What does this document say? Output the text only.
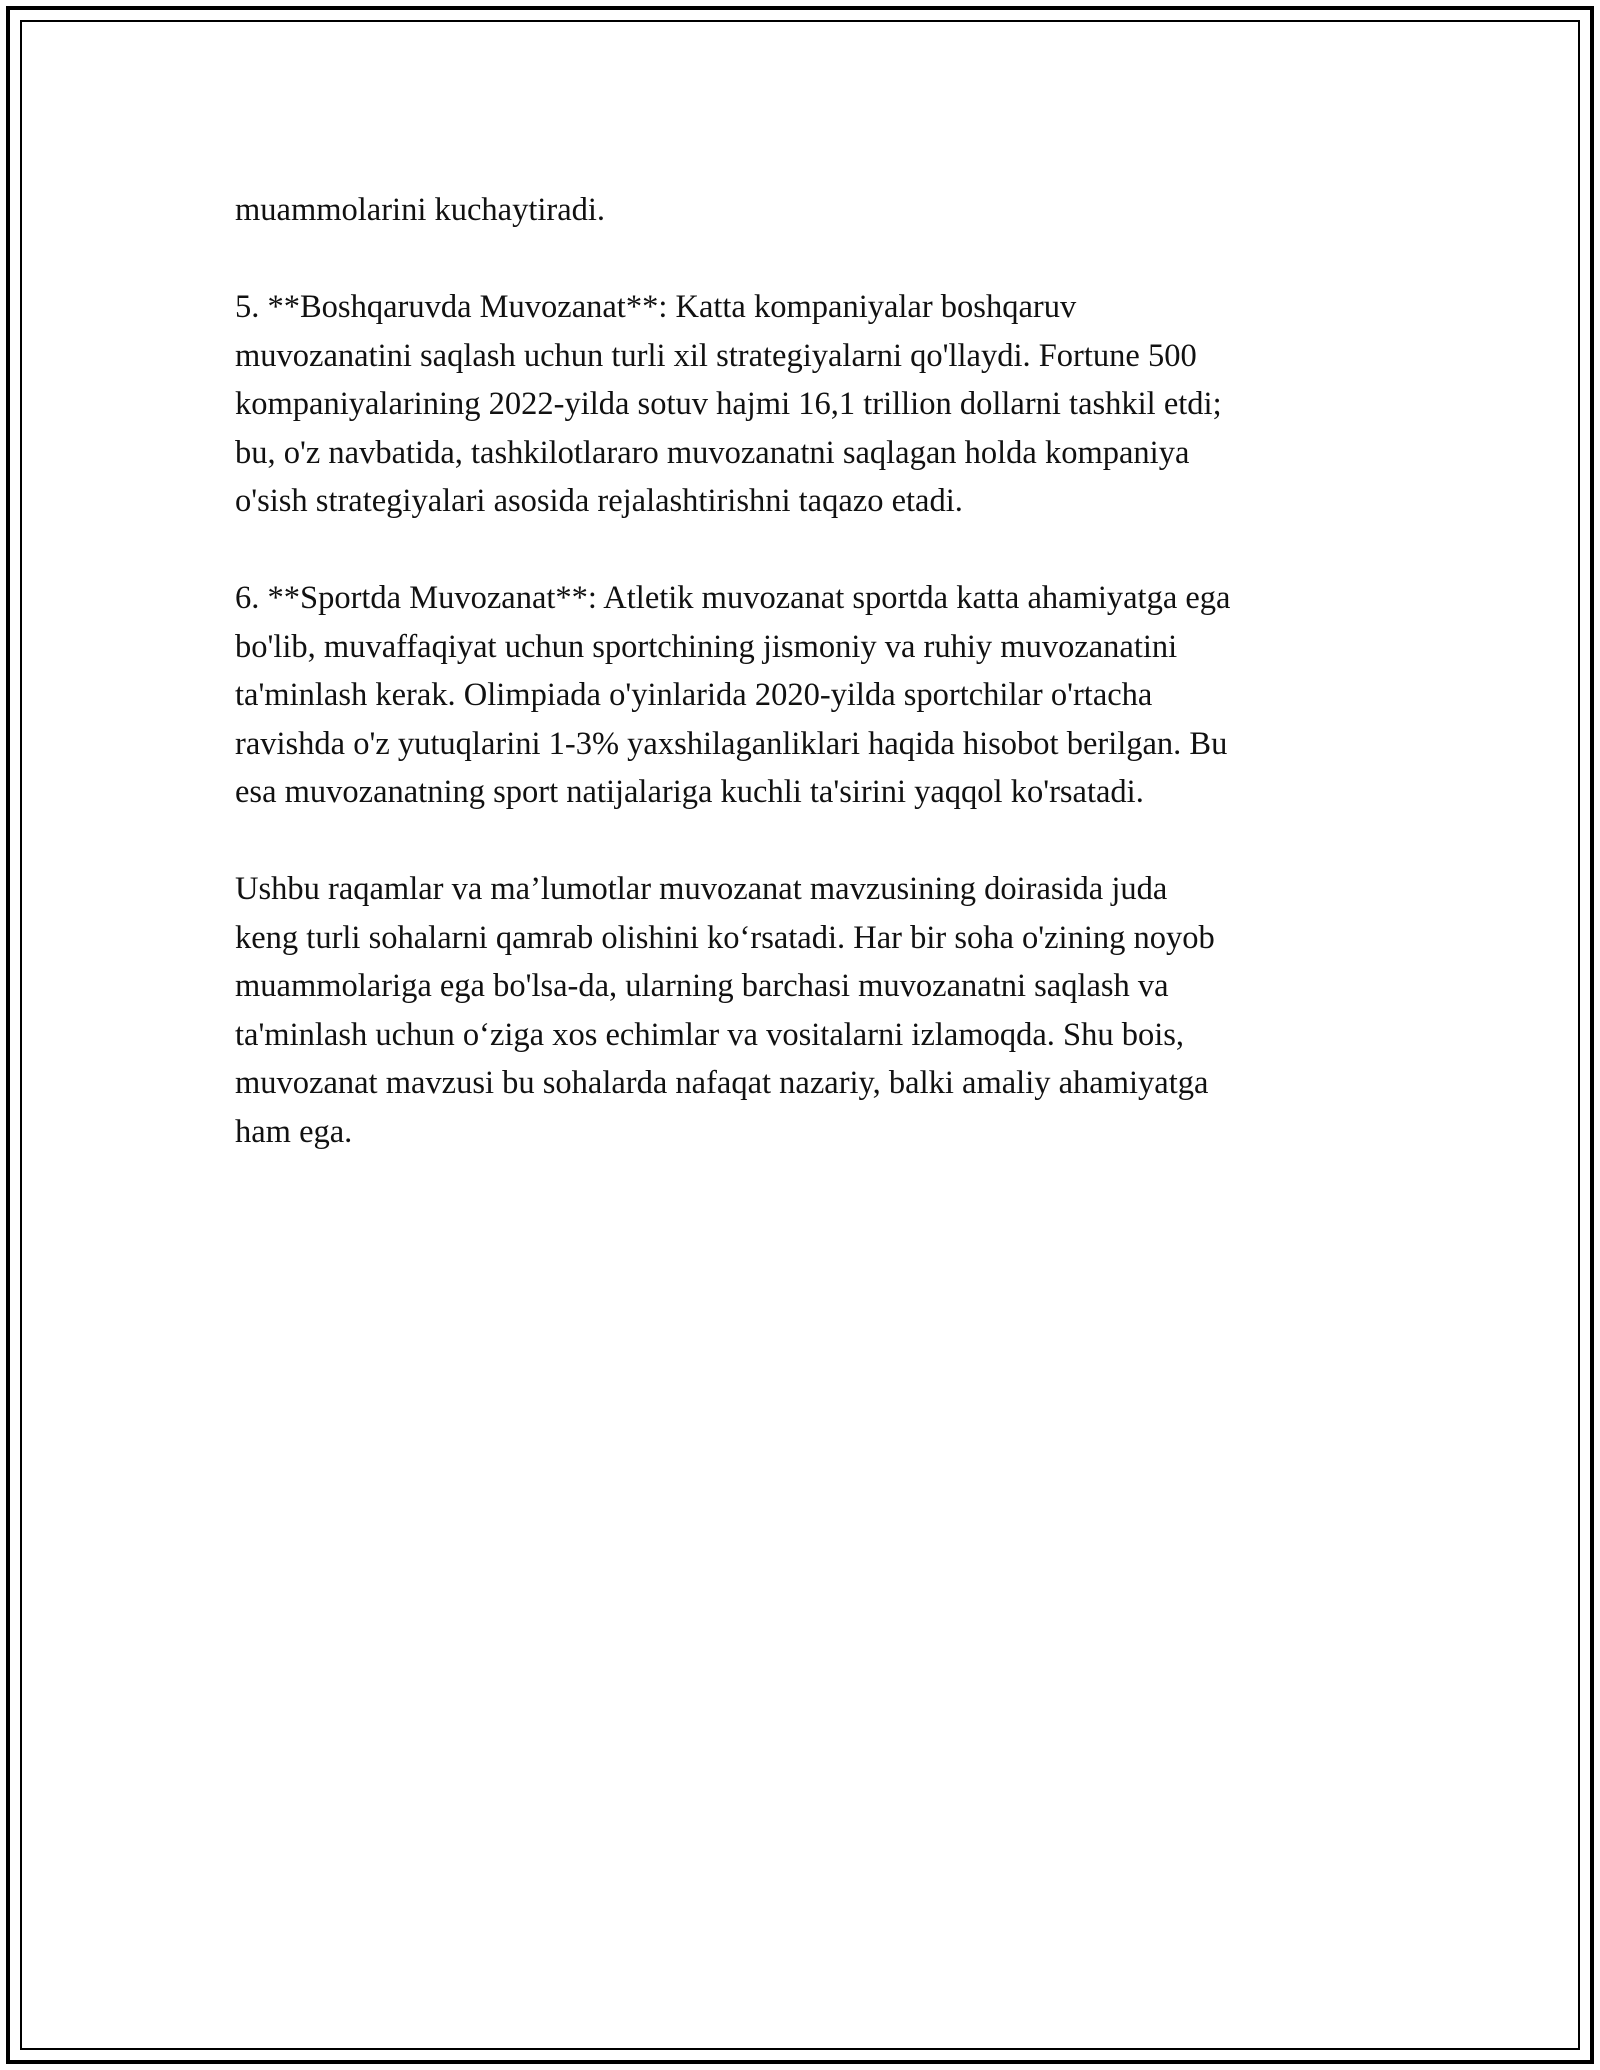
muammolarini kuchaytiradi.

5. **Boshqaruvda Muvozanat**: Katta kompaniyalar boshqaruv
muvozanatini saqlash uchun turli xil strategiyalarni qo'llaydi. Fortune 500
kompaniyalarining 2022-yilda sotuv hajmi 16,1 trillion dollarni tashkil etdi;
bu, o'z navbatida, tashkilotlararo muvozanatni saqlagan holda kompaniya
o'sish strategiyalari asosida rejalashtirishni taqazo etadi.

6. **Sportda Muvozanat**: Atletik muvozanat sportda katta ahamiyatga ega
bo'lib, muvaffaqiyat uchun sportchining jismoniy va ruhiy muvozanatini
ta'minlash kerak. Olimpiada o'yinlarida 2020-yilda sportchilar o'rtacha
ravishda o'z yutuqlarini 1-3% yaxshilaganliklari haqida hisobot berilgan. Bu
esa muvozanatning sport natijalariga kuchli ta'sirini yaqqol ko'rsatadi.

Ushbu raqamlar va ma’lumotlar muvozanat mavzusining doirasida juda
keng turli sohalarni qamrab olishini ko‘rsatadi. Har bir soha o'zining noyob
muammolariga ega bo'lsa-da, ularning barchasi muvozanatni saqlash va
ta'minlash uchun o‘ziga xos echimlar va vositalarni izlamoqda. Shu bois,
muvozanat mavzusi bu sohalarda nafaqat nazariy, balki amaliy ahamiyatga
ham ega.
